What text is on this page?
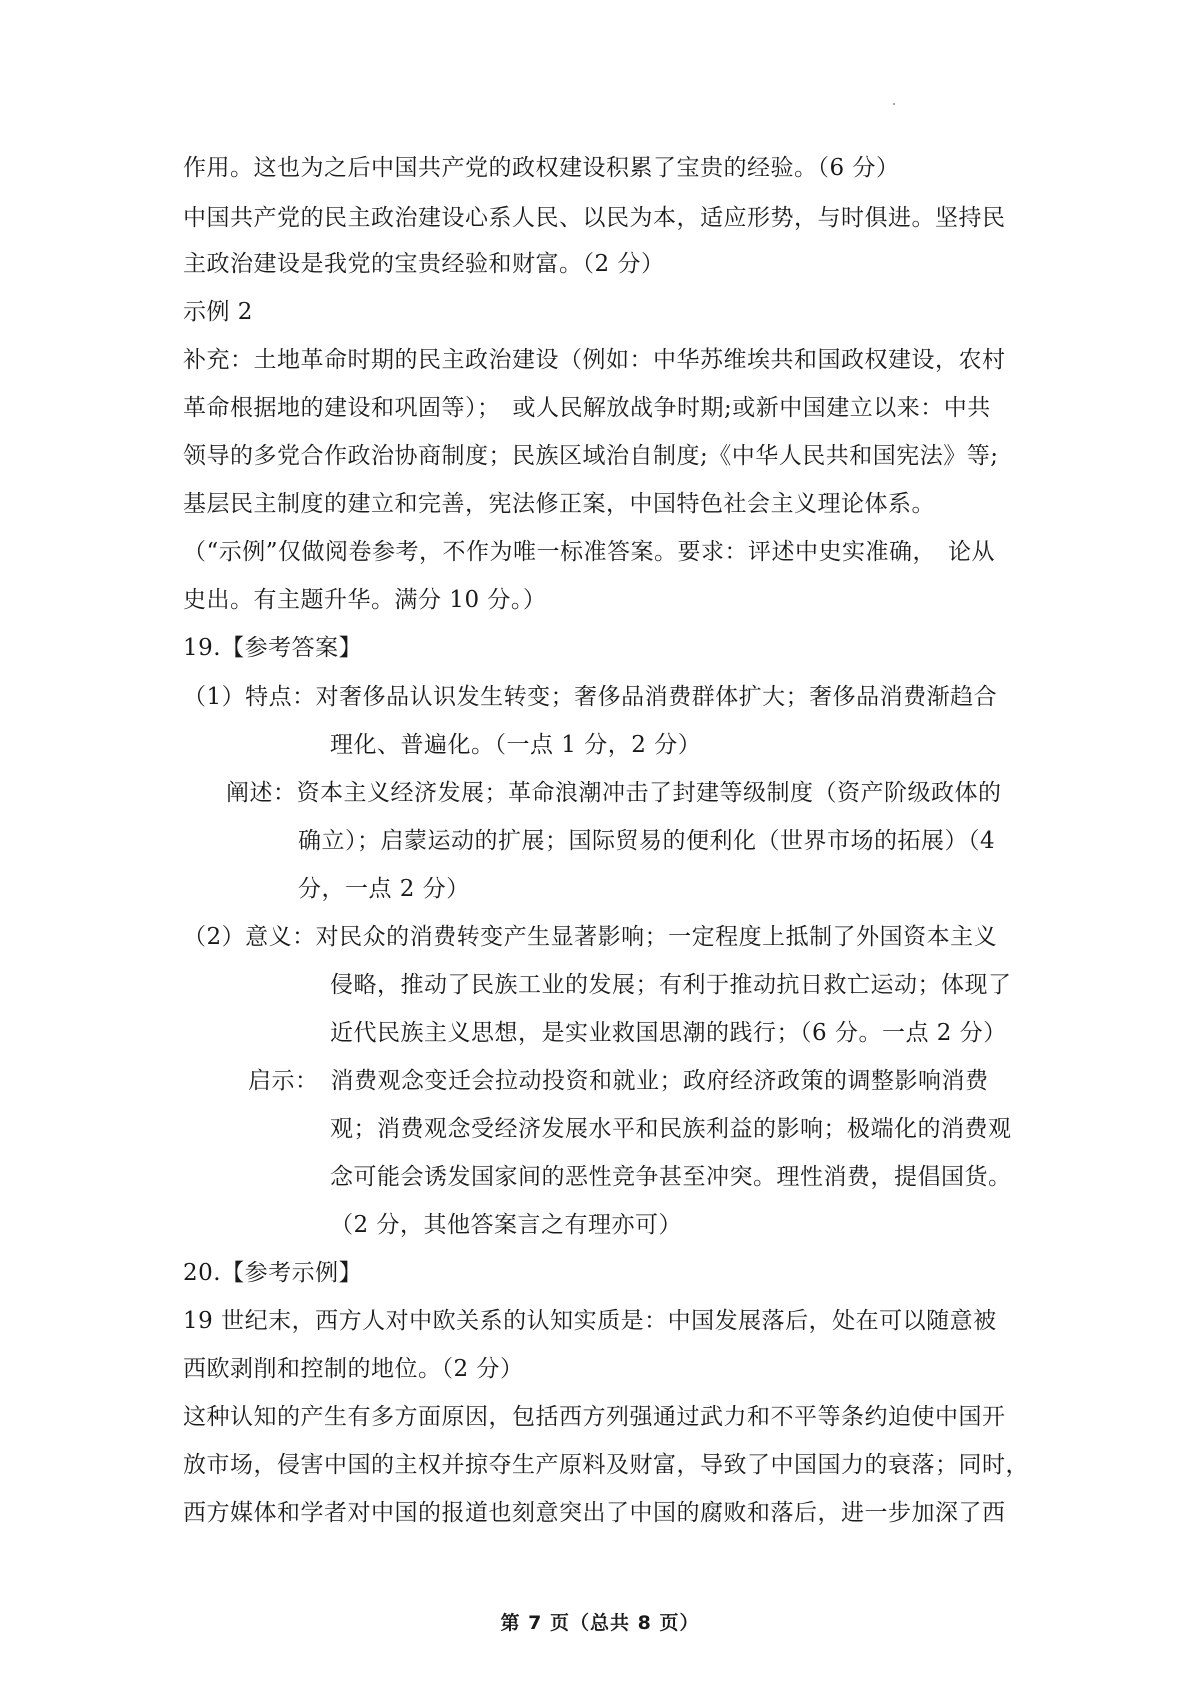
作用。这也为之后中国共产党的政权建设积累了宝贵的经验。（6 分）
中国共产党的民主政治建设心系人民、以民为本，适应形势，与时俱进。坚持民
主政治建设是我党的宝贵经验和财富。（2 分）
示例 2
补充：土地革命时期的民主政治建设（例如：中华苏维埃共和国政权建设，农村
革命根据地的建设和巩固等）；　或人民解放战争时期;或新中国建立以来：中共
领导的多党合作政治协商制度；民族区域治自制度;《中华人民共和国宪法》等;
基层民主制度的建立和完善，宪法修正案，中国特色社会主义理论体系。
（“示例”仅做阅卷参考，不作为唯一标准答案。要求：评述中史实准确，　论从
史出。有主题升华。满分 10 分。）
19.【参考答案】
（1）特点：对奢侈品认识发生转变；奢侈品消费群体扩大；奢侈品消费渐趋合
理化、普遍化。（一点 1 分，2 分）
阐述：资本主义经济发展；革命浪潮冲击了封建等级制度（资产阶级政体的
确立）；启蒙运动的扩展；国际贸易的便利化（世界市场的拓展）（4
分，一点 2 分）
（2）意义：对民众的消费转变产生显著影响；一定程度上抵制了外国资本主义
侵略，推动了民族工业的发展；有利于推动抗日救亡运动；体现了
近代民族主义思想，是实业救国思潮的践行；（6 分。一点 2 分）
启示：　消费观念变迁会拉动投资和就业；政府经济政策的调整影响消费
观；消费观念受经济发展水平和民族利益的影响；极端化的消费观
念可能会诱发国家间的恶性竞争甚至冲突。理性消费，提倡国货。
（2 分，其他答案言之有理亦可）
20.【参考示例】
19 世纪末，西方人对中欧关系的认知实质是：中国发展落后，处在可以随意被
西欧剥削和控制的地位。（2 分）
这种认知的产生有多方面原因，包括西方列强通过武力和不平等条约迫使中国开
放市场，侵害中国的主权并掠夺生产原料及财富，导致了中国国力的衰落；同时，
西方媒体和学者对中国的报道也刻意突出了中国的腐败和落后，进一步加深了西
第 7 页（总共 8 页）
